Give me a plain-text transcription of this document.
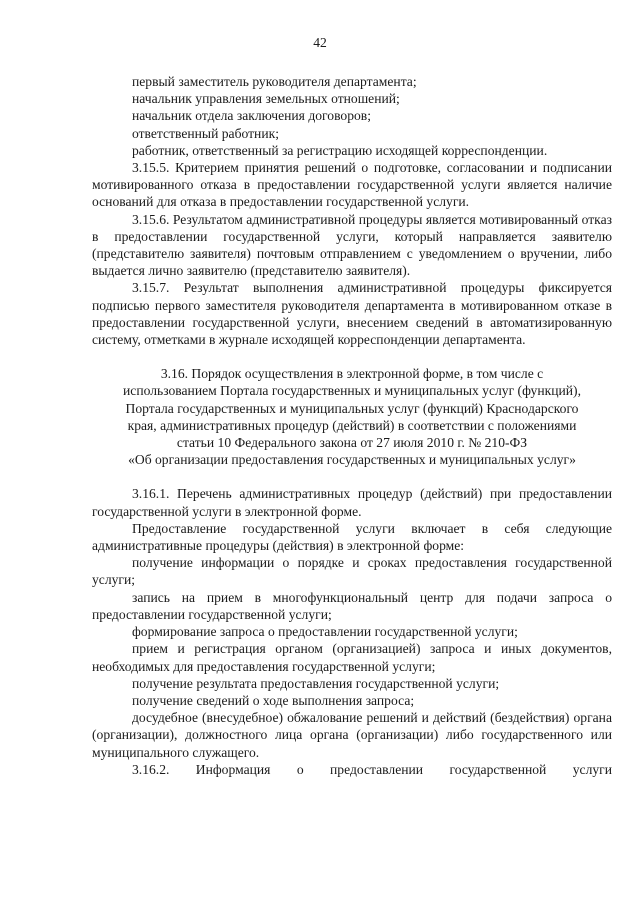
42

первый заместитель руководителя департамента;

начальник управления земельных отношений;

начальник отдела заключения договоров;

ответственный работник;

работник, ответственный за регистрацию исходящей корреспонденции.

3.15.5. Критерием принятия решений о подготовке, согласовании и подписании мотивированного отказа в предоставлении государственной услуги является наличие оснований для отказа в предоставлении государственной услуги.

3.15.6. Результатом административной процедуры является мотивированный отказ в предоставлении государственной услуги, который направляется заявителю (представителю заявителя) почтовым отправлением с уведомлением о вручении, либо выдается лично заявителю (представителю заявителя).

3.15.7. Результат выполнения административной процедуры фиксируется подписью первого заместителя руководителя департамента в мотивированном отказе в предоставлении государственной услуги, внесением сведений в автоматизированную систему, отметками в журнале исходящей корреспонденции департамента.

3.16. Порядок осуществления в электронной форме, в том числе с
использованием Портала государственных и муниципальных услуг (функций),
Портала государственных и муниципальных услуг (функций) Краснодарского
края, административных процедур (действий) в соответствии с положениями
статьи 10 Федерального закона от 27 июля 2010 г. № 210-ФЗ
«Об организации предоставления государственных и муниципальных услуг»

3.16.1. Перечень административных процедур (действий) при предоставлении государственной услуги в электронной форме.

Предоставление государственной услуги включает в себя следующие административные процедуры (действия) в электронной форме:

получение информации о порядке и сроках предоставления государственной услуги;

запись на прием в многофункциональный центр для подачи запроса о предоставлении государственной услуги;

формирование запроса о предоставлении государственной услуги;

прием и регистрация органом (организацией) запроса и иных документов, необходимых для предоставления государственной услуги;

получение результата предоставления государственной услуги;

получение сведений о ходе выполнения запроса;

досудебное (внесудебное) обжалование решений и действий (бездействия) органа (организации), должностного лица органа (организации) либо государственного или муниципального служащего.

3.16.2. Информация о предоставлении государственной услуги
